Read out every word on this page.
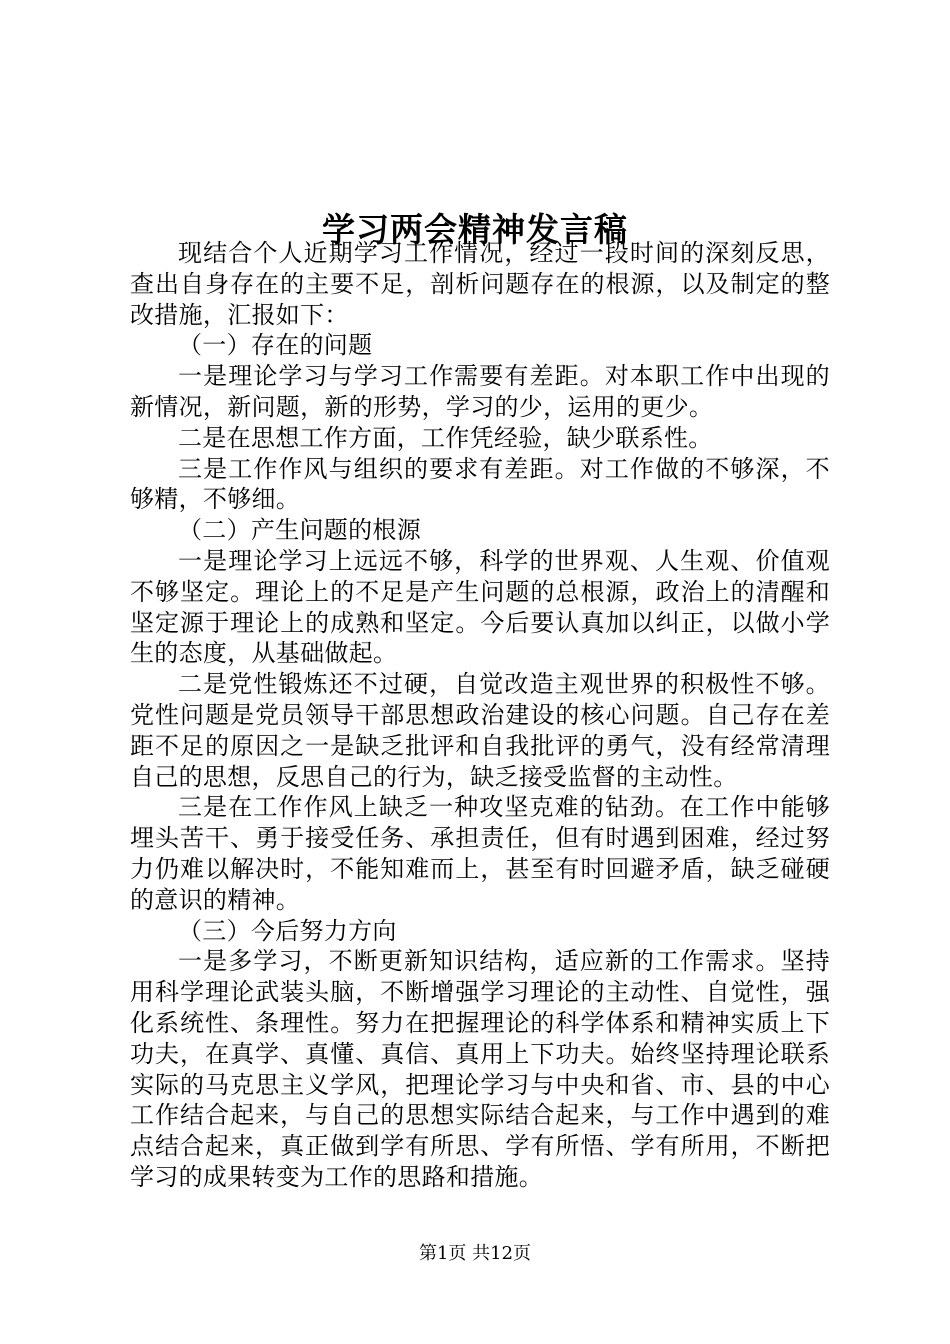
学习两会精神发言稿

现结合个人近期学习工作情况，经过一段时间的深刻反思，查出自身存在的主要不足，剖析问题存在的根源，以及制定的整改措施，汇报如下：

（一）存在的问题

一是理论学习与学习工作需要有差距。对本职工作中出现的新情况，新问题，新的形势，学习的少，运用的更少。

二是在思想工作方面，工作凭经验，缺少联系性。

三是工作作风与组织的要求有差距。对工作做的不够深，不够精，不够细。

（二）产生问题的根源

一是理论学习上远远不够，科学的世界观、人生观、价值观不够坚定。理论上的不足是产生问题的总根源，政治上的清醒和坚定源于理论上的成熟和坚定。今后要认真加以纠正，以做小学生的态度，从基础做起。

二是党性锻炼还不过硬，自觉改造主观世界的积极性不够。党性问题是党员领导干部思想政治建设的核心问题。自己存在差距不足的原因之一是缺乏批评和自我批评的勇气，没有经常清理自己的思想，反思自己的行为，缺乏接受监督的主动性。

三是在工作作风上缺乏一种攻坚克难的钻劲。在工作中能够埋头苦干、勇于接受任务、承担责任，但有时遇到困难，经过努力仍难以解决时，不能知难而上，甚至有时回避矛盾，缺乏碰硬的意识的精神。

（三）今后努力方向

一是多学习，不断更新知识结构，适应新的工作需求。坚持用科学理论武装头脑，不断增强学习理论的主动性、自觉性，强化系统性、条理性。努力在把握理论的科学体系和精神实质上下功夫，在真学、真懂、真信、真用上下功夫。始终坚持理论联系实际的马克思主义学风，把理论学习与中央和省、市、县的中心工作结合起来，与自己的思想实际结合起来，与工作中遇到的难点结合起来，真正做到学有所思、学有所悟、学有所用，不断把学习的成果转变为工作的思路和措施。

第1页 共12页
